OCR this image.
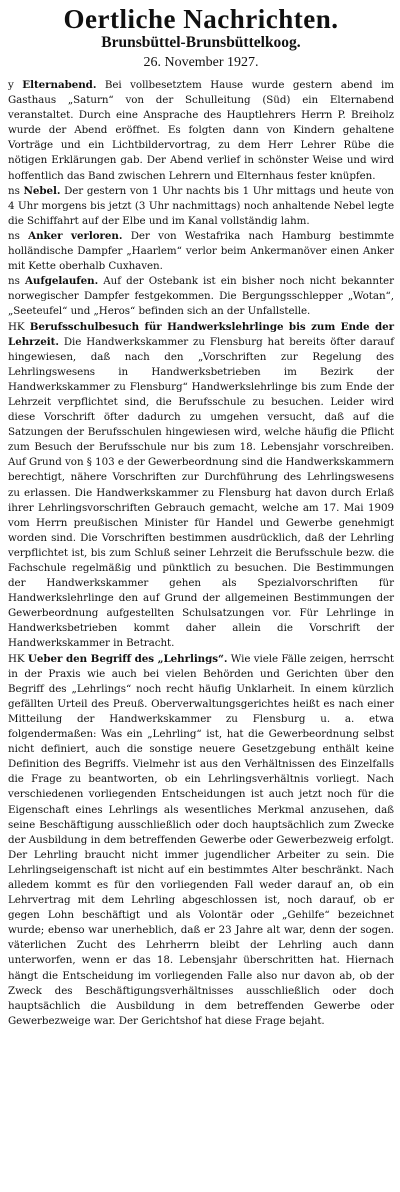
Oertliche Nachrichten.

Brunsbüttel-Brunsbüttelkoog.

26. November 1927.

y Elternabend. Bei vollbesetztem Hause wurde gestern abend im Gasthaus „Saturn“ von der Schulleitung (Süd) ein Elternabend veranstaltet. Durch eine Ansprache des Hauptlehrers Herrn P. Breiholz wurde der Abend eröffnet. Es folgten dann von Kindern gehaltene Vorträge und ein Lichtbildervortrag, zu dem Herr Lehrer Rübe die nötigen Erklärungen gab. Der Abend verlief in schönster Weise und wird hoffentlich das Band zwischen Lehrern und Elternhaus fester knüpfen.

ns Nebel. Der gestern von 1 Uhr nachts bis 1 Uhr mittags und heute von 4 Uhr morgens bis jetzt (3 Uhr nachmittags) noch anhaltende Nebel legte die Schiffahrt auf der Elbe und im Kanal vollständig lahm.

ns Anker verloren. Der von Westafrika nach Hamburg bestimmte holländische Dampfer „Haarlem“ verlor beim Ankermanöver einen Anker mit Kette oberhalb Cuxhaven.

ns Aufgelaufen. Auf der Ostebank ist ein bisher noch nicht bekannter norwegischer Dampfer festgekommen. Die Bergungsschlepper „Wotan“, „Seeteufel“ und „Heros“ befinden sich an der Unfallstelle.

HK Berufsschulbesuch für Handwerkslehrlinge bis zum Ende der Lehrzeit. Die Handwerkskammer zu Flensburg hat bereits öfter darauf hingewiesen, daß nach den „Vorschriften zur Regelung des Lehrlingswesens in Handwerksbetrieben im Bezirk der Handwerkskammer zu Flensburg“ Handwerkslehrlinge bis zum Ende der Lehrzeit verpflichtet sind, die Berufsschule zu besuchen. Leider wird diese Vorschrift öfter dadurch zu umgehen versucht, daß auf die Satzungen der Berufsschulen hingewiesen wird, welche häufig die Pflicht zum Besuch der Berufsschule nur bis zum 18. Lebensjahr vorschreiben. Auf Grund von § 103 e der Gewerbeordnung sind die Handwerkskammern berechtigt, nähere Vorschriften zur Durchführung des Lehrlingswesens zu erlassen. Die Handwerkskammer zu Flensburg hat davon durch Erlaß ihrer Lehrlingsvorschriften Gebrauch gemacht, welche am 17. Mai 1909 vom Herrn preußischen Minister für Handel und Gewerbe genehmigt worden sind. Die Vorschriften bestimmen ausdrücklich, daß der Lehrling verpflichtet ist, bis zum Schluß seiner Lehrzeit die Berufsschule bezw. die Fachschule regelmäßig und pünktlich zu besuchen. Die Bestimmungen der Handwerkskammer gehen als Spezialvorschriften für Handwerkslehrlinge den auf Grund der allgemeinen Bestimmungen der Gewerbeordnung aufgestellten Schulsatzungen vor. Für Lehrlinge in Handwerksbetrieben kommt daher allein die Vorschrift der Handwerkskammer in Betracht.

HK Ueber den Begriff des „Lehrlings“. Wie viele Fälle zeigen, herrscht in der Praxis wie auch bei vielen Behörden und Gerichten über den Begriff des „Lehrlings“ noch recht häufig Unklarheit. In einem kürzlich gefällten Urteil des Preuß. Oberverwaltungsgerichtes heißt es nach einer Mitteilung der Handwerkskammer zu Flensburg u. a. etwa folgendermaßen: Was ein „Lehrling“ ist, hat die Gewerbeordnung selbst nicht definiert, auch die sonstige neuere Gesetzgebung enthält keine Definition des Begriffs. Vielmehr ist aus den Verhältnissen des Einzelfalls die Frage zu beantworten, ob ein Lehrlingsverhältnis vorliegt. Nach verschiedenen vorliegenden Entscheidungen ist auch jetzt noch für die Eigenschaft eines Lehrlings als wesentliches Merkmal anzusehen, daß seine Beschäftigung ausschließlich oder doch hauptsächlich zum Zwecke der Ausbildung in dem betreffenden Gewerbe oder Gewerbezweig erfolgt. Der Lehrling braucht nicht immer jugendlicher Arbeiter zu sein. Die Lehrlingseigenschaft ist nicht auf ein bestimmtes Alter beschränkt. Nach alledem kommt es für den vorliegenden Fall weder darauf an, ob ein Lehrvertrag mit dem Lehrling abgeschlossen ist, noch darauf, ob er gegen Lohn beschäftigt und als Volontär oder „Gehilfe“ bezeichnet wurde; ebenso war unerheblich, daß er 23 Jahre alt war, denn der sogen. väterlichen Zucht des Lehrherrn bleibt der Lehrling auch dann unterworfen, wenn er das 18. Lebensjahr überschritten hat. Hiernach hängt die Entscheidung im vorliegenden Falle also nur davon ab, ob der Zweck des Beschäftigungsverhältnisses ausschließlich oder doch hauptsächlich die Ausbildung in dem betreffenden Gewerbe oder Gewerbezweige war. Der Gerichtshof hat diese Frage bejaht.
